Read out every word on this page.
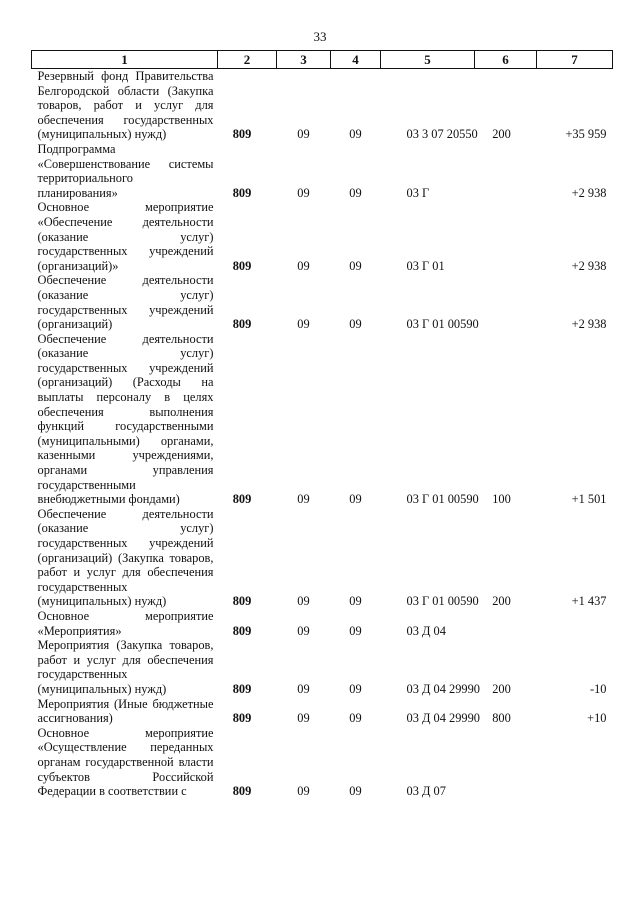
33
1	2	3	4	5	6	7
Резервный фонд Правительства Белгородской области (Закупка товаров, работ и услуг для обеспечения государственных (муниципальных) нужд)	809	09	09	03 3 07 20550	200	+35 959
Подпрограмма «Совершенствование системы территориального планирования»	809	09	09	03 Г		+2 938
Основное мероприятие «Обеспечение деятельности (оказание услуг) государственных учреждений (организаций)»	809	09	09	03 Г 01		+2 938
Обеспечение деятельности (оказание услуг) государственных учреждений (организаций)	809	09	09	03 Г 01 00590		+2 938
Обеспечение деятельности (оказание услуг) государственных учреждений (организаций) (Расходы на выплаты персоналу в целях обеспечения выполнения функций государственными (муниципальными) органами, казенными учреждениями, органами управления государственными внебюджетными фондами)	809	09	09	03 Г 01 00590	100	+1 501
Обеспечение деятельности (оказание услуг) государственных учреждений (организаций) (Закупка товаров, работ и услуг для обеспечения государственных (муниципальных) нужд)	809	09	09	03 Г 01 00590	200	+1 437
Основное мероприятие «Мероприятия»	809	09	09	03 Д 04		
Мероприятия (Закупка товаров, работ и услуг для обеспечения государственных (муниципальных) нужд)	809	09	09	03 Д 04 29990	200	-10
Мероприятия (Иные бюджетные ассигнования)	809	09	09	03 Д 04 29990	800	+10
Основное мероприятие «Осуществление переданных органам государственной власти субъектов Российской Федерации в соответствии с	809	09	09	03 Д 07		
